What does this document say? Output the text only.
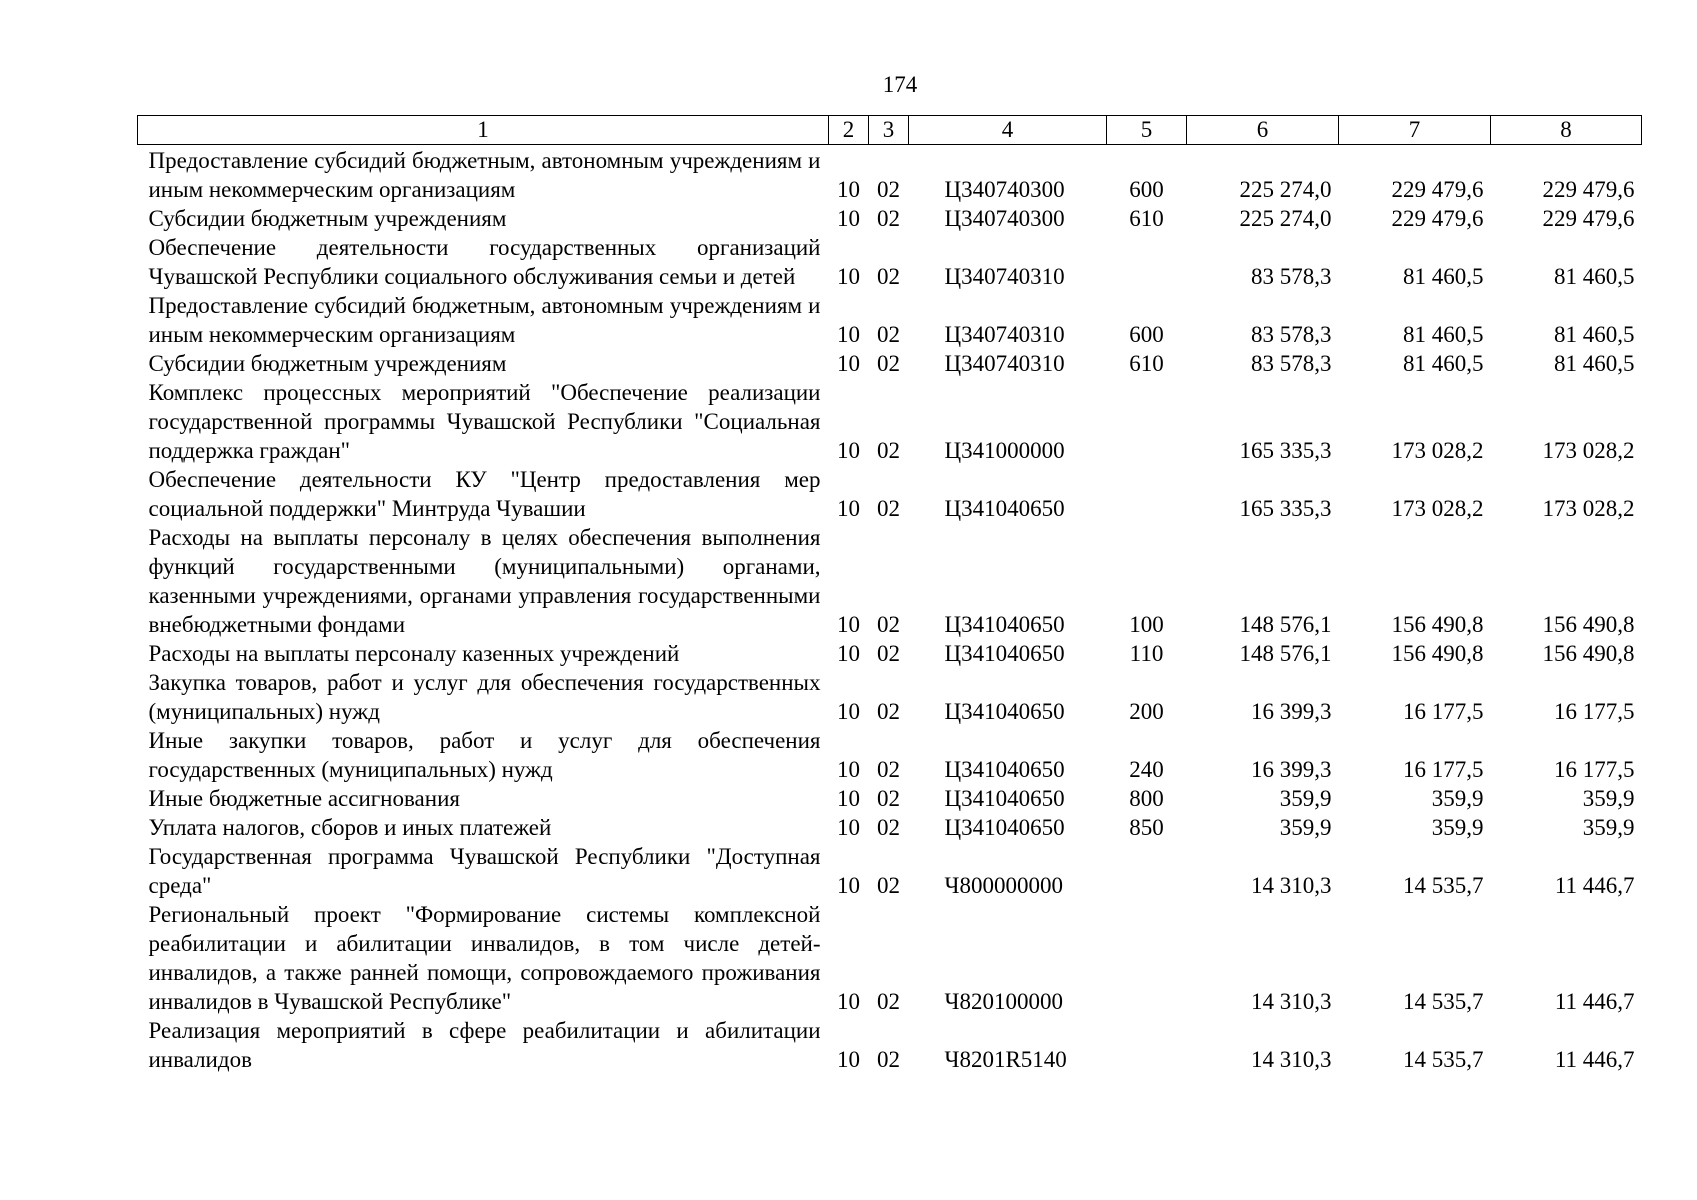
174
1	2	3	4	5	6	7	8
Предоставление субсидий бюджетным, автономным учреждениям и иным некоммерческим организациям	10	02	Ц340740300	600	225 274,0	229 479,6	229 479,6
Субсидии бюджетным учреждениям	10	02	Ц340740300	610	225 274,0	229 479,6	229 479,6
Обеспечение деятельности государственных организаций Чувашской Республики социального обслуживания семьи и детей	10	02	Ц340740310		83 578,3	81 460,5	81 460,5
Предоставление субсидий бюджетным, автономным учреждениям и иным некоммерческим организациям	10	02	Ц340740310	600	83 578,3	81 460,5	81 460,5
Субсидии бюджетным учреждениям	10	02	Ц340740310	610	83 578,3	81 460,5	81 460,5
Комплекс процессных мероприятий "Обеспечение реализации государственной программы Чувашской Республики "Социальная поддержка граждан"	10	02	Ц341000000		165 335,3	173 028,2	173 028,2
Обеспечение деятельности КУ "Центр предоставления мер социальной поддержки" Минтруда Чувашии	10	02	Ц341040650		165 335,3	173 028,2	173 028,2
Расходы на выплаты персоналу в целях обеспечения выполнения функций государственными (муниципальными) органами, казенными учреждениями, органами управления государственными внебюджетными фондами	10	02	Ц341040650	100	148 576,1	156 490,8	156 490,8
Расходы на выплаты персоналу казенных учреждений	10	02	Ц341040650	110	148 576,1	156 490,8	156 490,8
Закупка товаров, работ и услуг для обеспечения государственных (муниципальных) нужд	10	02	Ц341040650	200	16 399,3	16 177,5	16 177,5
Иные закупки товаров, работ и услуг для обеспечения государственных (муниципальных) нужд	10	02	Ц341040650	240	16 399,3	16 177,5	16 177,5
Иные бюджетные ассигнования	10	02	Ц341040650	800	359,9	359,9	359,9
Уплата налогов, сборов и иных платежей	10	02	Ц341040650	850	359,9	359,9	359,9
Государственная программа Чувашской Республики "Доступная среда"	10	02	Ч800000000		14 310,3	14 535,7	11 446,7
Региональный проект "Формирование системы комплексной реабилитации и абилитации инвалидов, в том числе детей-инвалидов, а также ранней помощи, сопровождаемого проживания инвалидов в Чувашской Республике"	10	02	Ч820100000		14 310,3	14 535,7	11 446,7
Реализация мероприятий в сфере реабилитации и абилитации инвалидов	10	02	Ч8201R5140		14 310,3	14 535,7	11 446,7
